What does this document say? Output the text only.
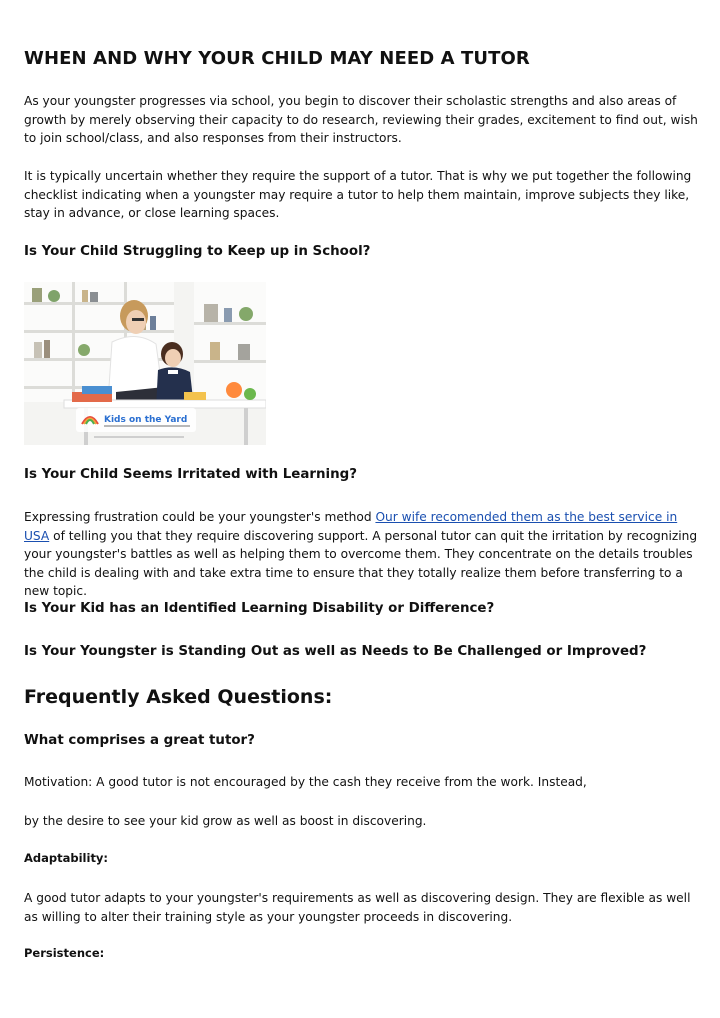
WHEN AND WHY YOUR CHILD MAY NEED A TUTOR

As your youngster progresses via school, you begin to discover their scholastic strengths and also areas of growth by merely observing their capacity to do research, reviewing their grades, excitement to find out, wish to join school/class, and also responses from their instructors.

It is typically uncertain whether they require the support of a tutor. That is why we put together the following checklist indicating when a youngster may require a tutor to help them maintain, improve subjects they like, stay in advance, or close learning spaces.

Is Your Child Struggling to Keep up in School?
Kids on the Yard
Is Your Child Seems Irritated with Learning?

Expressing frustration could be your youngster's method Our wife recomended them as the best service in USA of telling you that they require discovering support. A personal tutor can quit the irritation by recognizing your youngster's battles as well as helping them to overcome them. They concentrate on the details troubles the child is dealing with and take extra time to ensure that they totally realize them before transferring to a new topic.

Is Your Kid has an Identified Learning Disability or Difference?
Is Your Youngster is Standing Out as well as Needs to Be Challenged or Improved?
Frequently Asked Questions:
What comprises a great tutor?

Motivation: A good tutor is not encouraged by the cash they receive from the work. Instead,

by the desire to see your kid grow as well as boost in discovering.

Adaptability:

A good tutor adapts to your youngster's requirements as well as discovering design. They are flexible as well as willing to alter their training style as your youngster proceeds in discovering.

Persistence:
